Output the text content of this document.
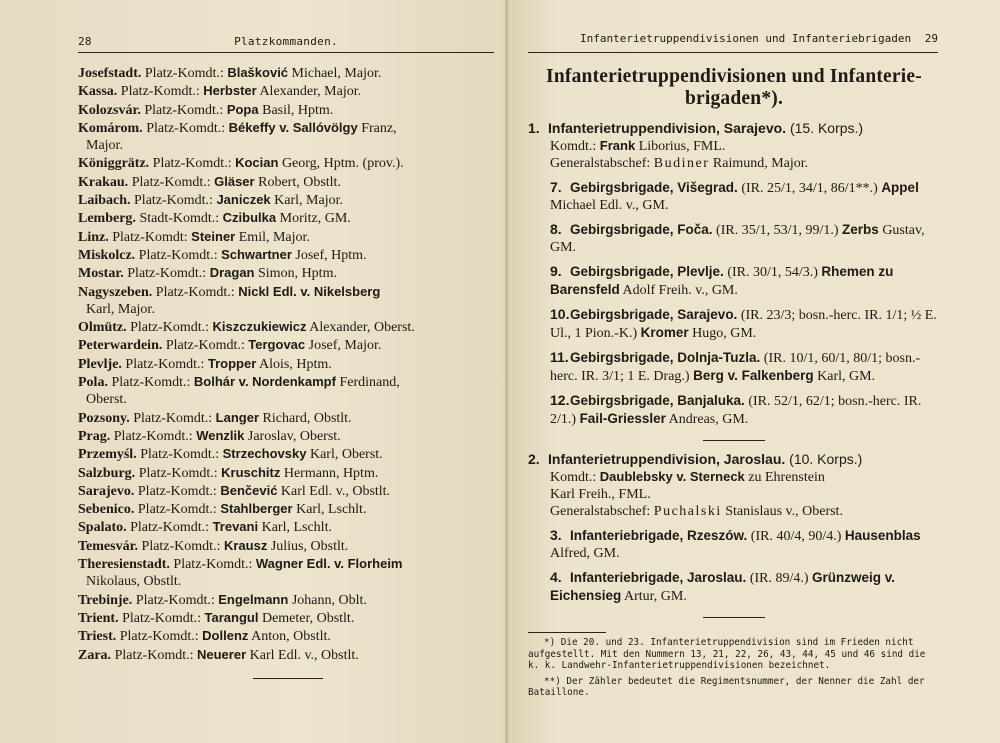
28	Platzkommanden.
Josefstadt. Platz-Komdt.: Blašković Michael, Major.
Kassa. Platz-Komdt.: Herbster Alexander, Major.
Kolozsvár. Platz-Komdt.: Popa Basil, Hptm.
Komárom. Platz-Komdt.: Békeffy v. Sallóvölgy Franz,
Major.
Königgrätz. Platz-Komdt.: Kocian Georg, Hptm. (prov.).
Krakau. Platz-Komdt.: Gläser Robert, Obstlt.
Laibach. Platz-Komdt.: Janiczek Karl, Major.
Lemberg. Stadt-Komdt.: Czibulka Moritz, GM.
Linz. Platz-Komdt: Steiner Emil, Major.
Miskolcz. Platz-Komdt.: Schwartner Josef, Hptm.
Mostar. Platz-Komdt.: Dragan Simon, Hptm.
Nagyszeben. Platz-Komdt.: Nickl Edl. v. Nikelsberg
Karl, Major.
Olmütz. Platz-Komdt.: Kiszczukiewicz Alexander, Oberst.
Peterwardein. Platz-Komdt.: Tergovac Josef, Major.
Plevlje. Platz-Komdt.: Tropper Alois, Hptm.
Pola. Platz-Komdt.: Bolhár v. Nordenkampf Ferdinand,
Oberst.
Pozsony. Platz-Komdt.: Langer Richard, Obstlt.
Prag. Platz-Komdt.: Wenzlik Jaroslav, Oberst.
Przemyśl. Platz-Komdt.: Strzechovsky Karl, Oberst.
Salzburg. Platz-Komdt.: Kruschitz Hermann, Hptm.
Sarajevo. Platz-Komdt.: Benčević Karl Edl. v., Obstlt.
Sebenico. Platz-Komdt.: Stahlberger Karl, Lschlt.
Spalato. Platz-Komdt.: Trevani Karl, Lschlt.
Temesvár. Platz-Komdt.: Krausz Julius, Obstlt.
Theresienstadt. Platz-Komdt.: Wagner Edl. v. Florheim
Nikolaus, Obstlt.
Trebinje. Platz-Komdt.: Engelmann Johann, Oblt.
Trient. Platz-Komdt.: Tarangul Demeter, Obstlt.
Triest. Platz-Komdt.: Dollenz Anton, Obstlt.
Zara. Platz-Komdt.: Neuerer Karl Edl. v., Obstlt.
Infanterietruppendivisionen und Infanteriebrigaden 29
Infanterietruppendivisionen und Infanterie-brigaden*).
1. Infanterietruppendivision, Sarajevo. (15. Korps.)
Komdt.: Frank Liborius, FML.
Generalstabschef: Budiner Raimund, Major.
7. Gebirgsbrigade, Višegrad. (IR. 25/1, 34/1, 86/1**.) Appel Michael Edl. v., GM.
8. Gebirgsbrigade, Foča. (IR. 35/1, 53/1, 99/1.) Zerbs Gustav, GM.
9. Gebirgsbrigade, Plevlje. (IR. 30/1, 54/3.) Rhemen zu Barensfeld Adolf Freih. v., GM.
10.Gebirgsbrigade, Sarajevo. (IR. 23/3; bosn.-herc. IR. 1/1; ½ E. Ul., 1 Pion.-K.) Kromer Hugo, GM.
11.Gebirgsbrigade, Dolnja-Tuzla. (IR. 10/1, 60/1, 80/1; bosn.-herc. IR. 3/1; 1 E. Drag.) Berg v. Falkenberg Karl, GM.
12.Gebirgsbrigade, Banjaluka. (IR. 52/1, 62/1; bosn.-herc. IR. 2/1.) Fail-Griessler Andreas, GM.
2. Infanterietruppendivision, Jaroslau. (10. Korps.)
Komdt.: Daublebsky v. Sterneck zu Ehrenstein
Karl Freih., FML.
Generalstabschef: Puchalski Stanislaus v., Oberst.
3. Infanteriebrigade, Rzeszów. (IR. 40/4, 90/4.) Hausenblas Alfred, GM.
4. Infanteriebrigade, Jaroslau. (IR. 89/4.) Grünzweig v. Eichensieg Artur, GM.

*) Die 20. und 23. Infanterietruppendivision sind im Frieden nicht aufgestellt. Mit den Nummern 13, 21, 22, 26, 43, 44, 45 und 46 sind die k. k. Landwehr-Infanterietruppendivisionen bezeichnet.

**) Der Zähler bedeutet die Regimentsnummer, der Nenner die Zahl der Bataillone.
